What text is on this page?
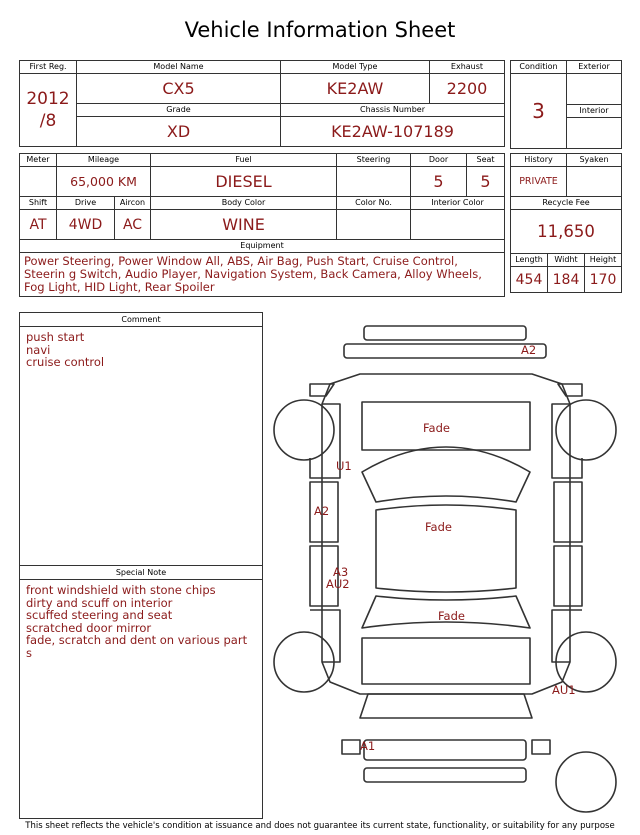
Vehicle Information Sheet
First Reg.	Model Name	Model Type	Exhaust

2012
/8	CX5	KE2AW	2200
	Grade	Chassis Number	
	XD	KE2AW-107189	
Condition	Exterior
3	
	Interior

Meter	Mileage		Fuel	Steering	Door	Seat
	65,000 KM		DIESEL		5	5
Shift	Drive	Aircon	Body Color	Color No.	Interior Color	
AT	4WD	AC	WINE			
Equipment						
Power Steering, Power Window All, ABS, Air Bag, Push Start, Cruise Control, Steerin g Switch, Audio Player, Navigation System, Back Camera, Alloy Wheels, Fog Light, HID Light, Rear Spoiler						
History		Syaken	
PRIVATE			
Recycle Fee			
11,650			
Length	Widht		Height
454	184		170
Comment
push start
navi
cruise control
Special Note
front windshield with stone chips
dirty and scuff on interior
scuffed steering and seat
scratched door mirror
fade, scratch and dent on various part
s
A2
Fade
U1
A2
Fade
A3
AU2
Fade
AU1
A1
This sheet reflects the vehicle's condition at issuance and does not guarantee its current state, functionality, or suitability for any purpose
